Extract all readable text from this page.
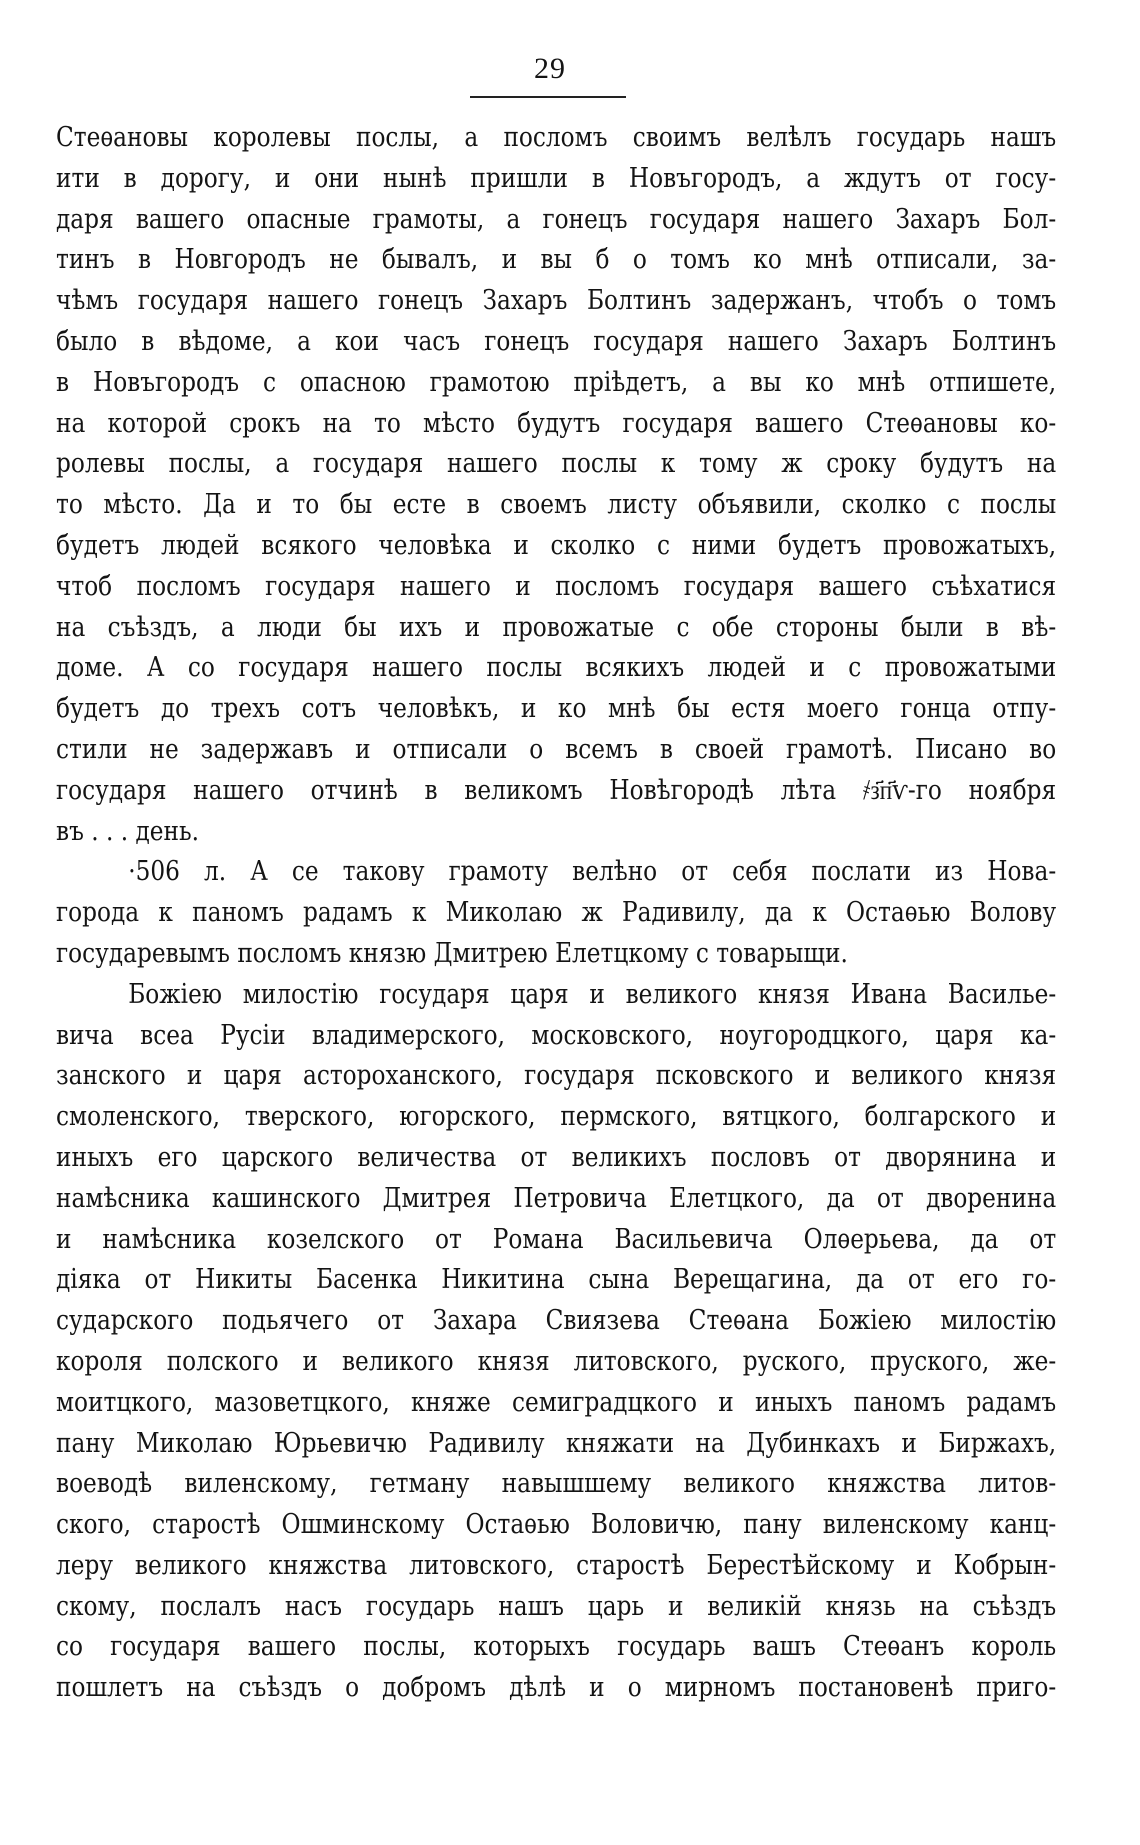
29
Стеѳановы королевы послы, а посломъ своимъ велѣлъ государь нашъ
ити в дорогу, и они нынѣ пришли в Новъгородъ, а ждутъ от госу-
даря вашего опасные грамоты, а гонецъ государя нашего Захаръ Бол-
тинъ в Новгородъ не бывалъ, и вы б о томъ ко мнѣ отписали, за-
чѣмъ государя нашего гонецъ Захаръ Болтинъ задержанъ, чтобъ о томъ
было в вѣдоме, а кои часъ гонецъ государя нашего Захаръ Болтинъ
в Новъгородъ с опасною грамотою пріѣдетъ, а вы ко мнѣ отпишете,
на которой срокъ на то мѣсто будутъ государя вашего Стеѳановы ко-
ролевы послы, а государя нашего послы к тому ж сроку будутъ на
то мѣсто. Да и то бы есте в своемъ листу объявили, сколко с послы
будетъ людей всякого человѣка и сколко с ними будетъ провожатыхъ,
чтоб посломъ государя нашего и посломъ государя вашего съѣхатися
на съѣздъ, а люди бы ихъ и провожатые с обе стороны были в вѣ-
доме. А со государя нашего послы всякихъ людей и с провожатыми
будетъ до трехъ сотъ человѣкъ, и ко мнѣ бы естя моего гонца отпу-
стили не задержавъ и отписали о всемъ в своей грамотѣ. Писано во
государя нашего отчинѣ в великомъ Новѣгородѣ лѣта ҂з҃п҃ѵ-го ноября
въ . . . день.
·506 л. А се такову грамоту велѣно от себя послати из Нова-
города к паномъ радамъ к Миколаю ж Радивилу, да к Остаѳью Волову
государевымъ посломъ князю Дмитрею Елетцкому с товарыщи.
Божіею милостію государя царя и великого князя Ивана Василье-
вича всеа Русіи владимерского, московского, ноугородцкого, царя ка-
занского и царя астороханского, государя псковского и великого князя
смоленского, тверского, югорского, пермского, вятцкого, болгарского и
иныхъ его царского величества от великихъ пословъ от дворянина и
намѣсника кашинского Дмитрея Петровича Елетцкого, да от дворенина
и намѣсника козелского от Романа Васильевича Олѳерьева, да от
діяка от Никиты Басенка Никитина сына Верещагина, да от его го-
сударского подьячего от Захара Свиязева Стеѳана Божіею милостію
короля полского и великого князя литовского, руского, пруского, же-
моитцкого, мазоветцкого, княже семиградцкого и иныхъ паномъ радамъ
пану Миколаю Юрьевичю Радивилу княжати на Дубинкахъ и Биржахъ,
воеводѣ виленскому, гетману навышшему великого княжства литов-
ского, старостѣ Ошминскому Остаѳью Воловичю, пану виленскому канц-
леру великого княжства литовского, старостѣ Берестѣйскому и Кобрын-
скому, послалъ насъ государь нашъ царь и великій князь на съѣздъ
со государя вашего послы, которыхъ государь вашъ Стеѳанъ король
пошлетъ на съѣздъ о добромъ дѣлѣ и о мирномъ постановенѣ приго-
